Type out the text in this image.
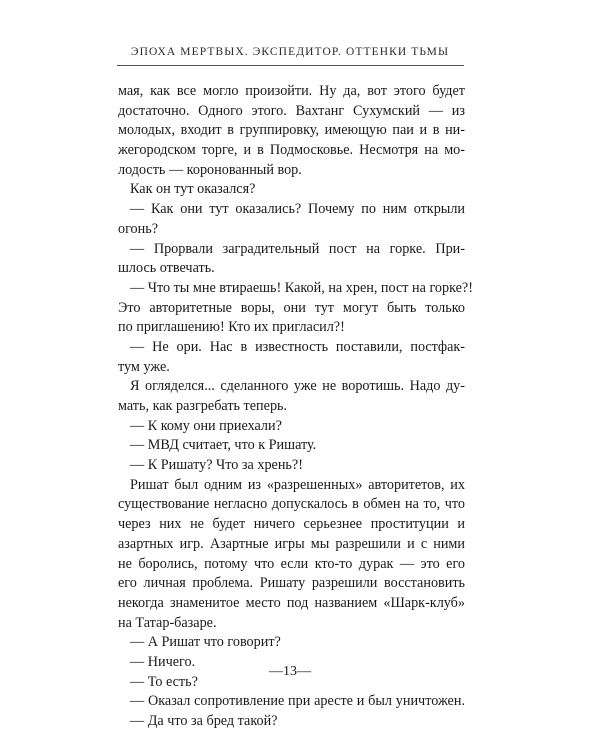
ЭПОХА МЕРТВЫХ. ЭКСПЕДИТОР. ОТТЕНКИ ТЬМЫ
мая, как все могло произойти. Ну да, вот этого будет
достаточно. Одного этого. Вахтанг Сухумский — из
молодых, входит в группировку, имеющую паи и в ни-
жегородском торге, и в Подмосковье. Несмотря на мо-
лодость — коронованный вор.
Как он тут оказался?
— Как они тут оказались? Почему по ним открыли
огонь?
— Прорвали заградительный пост на горке. При-
шлось отвечать.
— Что ты мне втираешь! Какой, на хрен, пост на горке?!
Это авторитетные воры, они тут могут быть только
по приглашению! Кто их пригласил?!
— Не ори. Нас в известность поставили, постфак-
тум уже.
Я огляделся... сделанного уже не воротишь. Надо ду-
мать, как разгребать теперь.
— К кому они приехали?
— МВД считает, что к Ришату.
— К Ришату? Что за хрень?!
Ришат был одним из «разрешенных» авторитетов, их
существование негласно допускалось в обмен на то, что
через них не будет ничего серьезнее проституции и
азартных игр. Азартные игры мы разрешили и с ними
не боролись, потому что если кто-то дурак — это его
его личная проблема. Ришату разрешили восстановить
некогда знаменитое место под названием «Шарк-клуб»
на Татар-базаре.
— А Ришат что говорит?
— Ничего.
— То есть?
— Оказал сопротивление при аресте и был уничтожен.
— Да что за бред такой?
—13—
